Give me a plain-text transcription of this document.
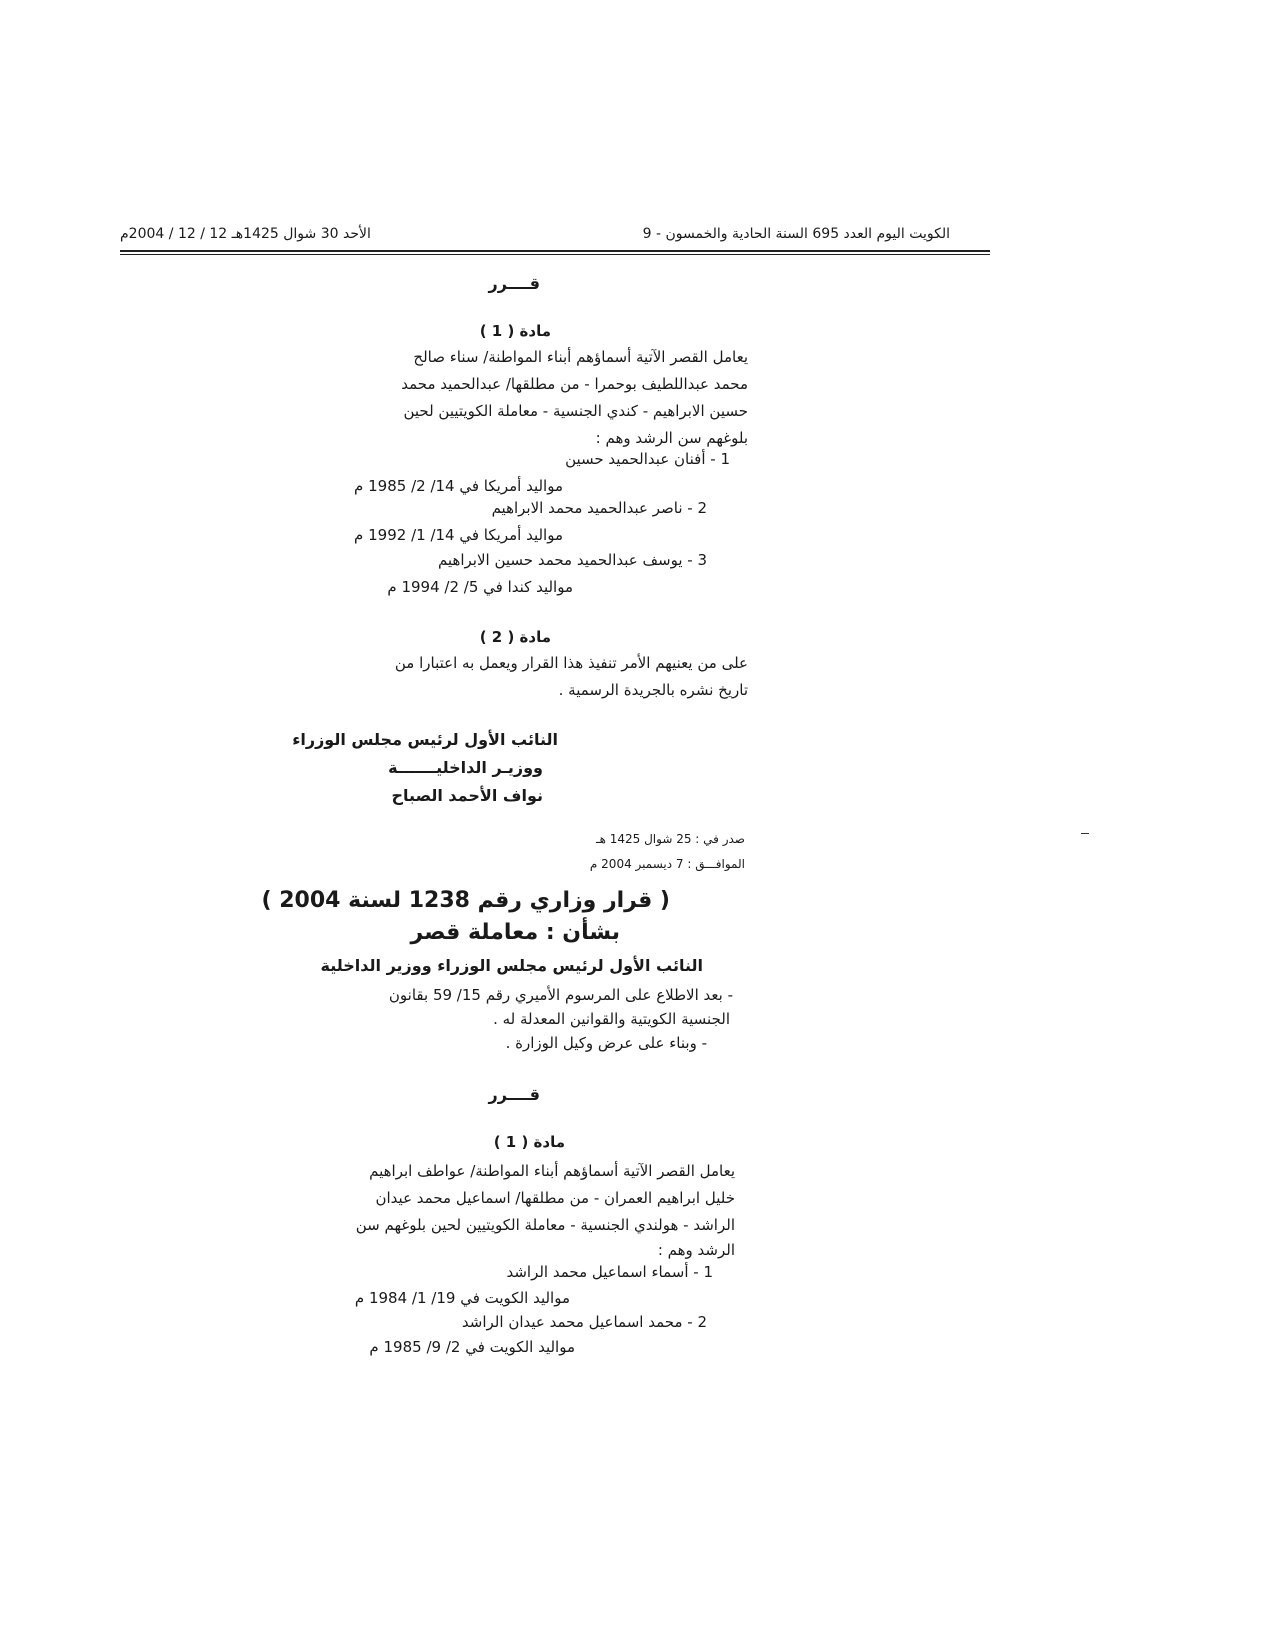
الكويت اليوم العدد 695 السنة الحادية والخمسون - 9
الأحد 30 شوال 1425هـ 12 / 12 / 2004م
قــــرر
مادة ( 1 )
يعامل القصر الآتية أسماؤهم أبناء المواطنة/ سناء صالح
محمد عبداللطيف بوحمرا - من مطلقها/ عبدالحميد محمد
حسين الابراهيم - كندي الجنسية - معاملة الكويتيين لحين
بلوغهم سن الرشد وهم :
1 - أفنان عبدالحميد حسين
مواليد أمريكا في 14/ 2/ 1985 م
2 - ناصر عبدالحميد محمد الابراهيم
مواليد أمريكا في 14/ 1/ 1992 م
3 - يوسف عبدالحميد محمد حسين الابراهيم
مواليد كندا في 5/ 2/ 1994 م
مادة ( 2 )
على من يعنيهم الأمر تنفيذ هذا القرار ويعمل به اعتبارا من
تاريخ نشره بالجريدة الرسمية .
النائب الأول لرئيس مجلس الوزراء
ووزيـر الداخليـــــــة
نواف الأحمد الصباح
صدر في : 25 شوال 1425 هـ
الموافـــق : 7 ديسمبر 2004 م
( قرار وزاري رقم 1238 لسنة 2004 )
بشأن : معاملة قصر
النائب الأول لرئيس مجلس الوزراء ووزير الداخلية
- بعد الاطلاع على المرسوم الأميري رقم 15/ 59 بقانون
الجنسية الكويتية والقوانين المعدلة له .
- وبناء على عرض وكيل الوزارة .
قــــرر
مادة ( 1 )
يعامل القصر الآتية أسماؤهم أبناء المواطنة/ عواطف ابراهيم
خليل ابراهيم العمران - من مطلقها/ اسماعيل محمد عيدان
الراشد - هولندي الجنسية - معاملة الكويتيين لحين بلوغهم سن
الرشد وهم :
1 - أسماء اسماعيل محمد الراشد
مواليد الكويت في 19/ 1/ 1984 م
2 - محمد اسماعيل محمد عيدان الراشد
مواليد الكويت في 2/ 9/ 1985 م
